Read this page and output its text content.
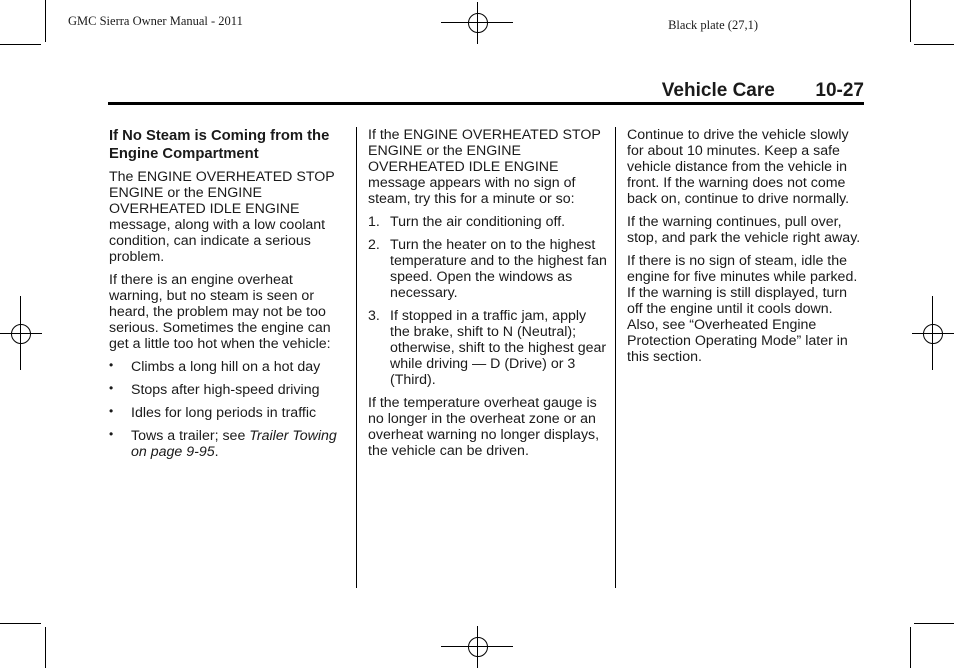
GMC Sierra Owner Manual - 2011	Black plate (27,1)
Vehicle Care 10-27
If No Steam is Coming from the Engine Compartment

The ENGINE OVERHEATED STOP ENGINE or the ENGINE OVERHEATED IDLE ENGINE message, along with a low coolant condition, can indicate a serious problem.

If there is an engine overheat warning, but no steam is seen or heard, the problem may not be too serious. Sometimes the engine can get a little too hot when the vehicle:

• Climbs a long hill on a hot day
• Stops after high-speed driving
• Idles for long periods in traffic
• Tows a trailer; see Trailer Towing on page 9‑95.

If the ENGINE OVERHEATED STOP ENGINE or the ENGINE OVERHEATED IDLE ENGINE message appears with no sign of steam, try this for a minute or so:

1. Turn the air conditioning off.
2. Turn the heater on to the highest temperature and to the highest fan speed. Open the windows as necessary.
3. If stopped in a traffic jam, apply the brake, shift to N (Neutral); otherwise, shift to the highest gear while driving — D (Drive) or 3 (Third).

If the temperature overheat gauge is no longer in the overheat zone or an overheat warning no longer displays, the vehicle can be driven.

Continue to drive the vehicle slowly for about 10 minutes. Keep a safe vehicle distance from the vehicle in front. If the warning does not come back on, continue to drive normally.

If the warning continues, pull over, stop, and park the vehicle right away.

If there is no sign of steam, idle the engine for five minutes while parked. If the warning is still displayed, turn off the engine until it cools down. Also, see “Overheated Engine Protection Operating Mode” later in this section.
